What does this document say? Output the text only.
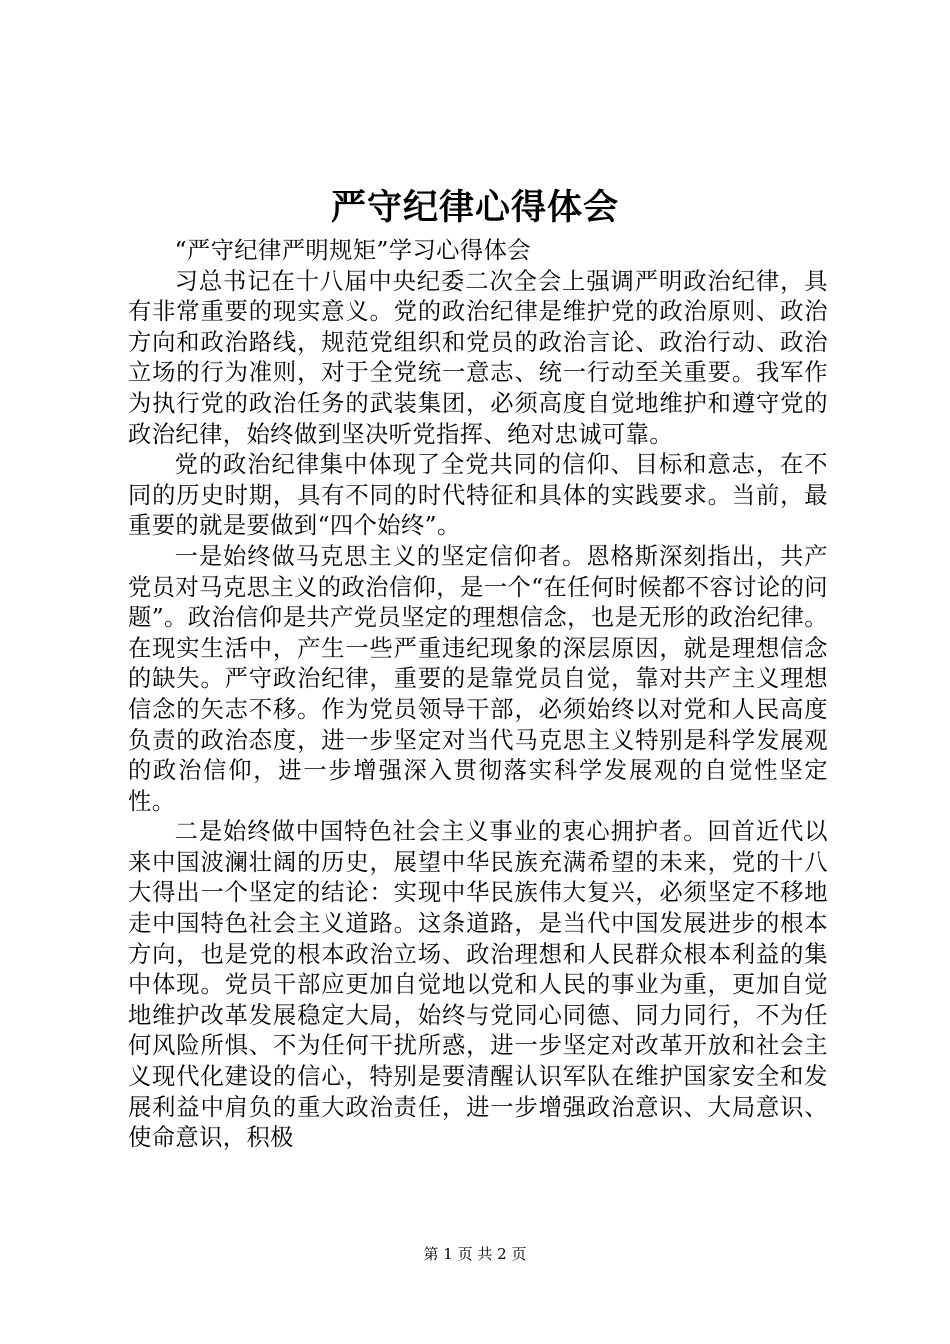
严守纪律心得体会

“严守纪律严明规矩”学习心得体会

习总书记在十八届中央纪委二次全会上强调严明政治纪律，具有非常重要的现实意义。党的政治纪律是维护党的政治原则、政治方向和政治路线，规范党组织和党员的政治言论、政治行动、政治立场的行为准则，对于全党统一意志、统一行动至关重要。我军作为执行党的政治任务的武装集团，必须高度自觉地维护和遵守党的政治纪律，始终做到坚决听党指挥、绝对忠诚可靠。

党的政治纪律集中体现了全党共同的信仰、目标和意志，在不同的历史时期，具有不同的时代特征和具体的实践要求。当前，最重要的就是要做到“四个始终”。

一是始终做马克思主义的坚定信仰者。恩格斯深刻指出，共产党员对马克思主义的政治信仰，是一个“在任何时候都不容讨论的问题”。政治信仰是共产党员坚定的理想信念，也是无形的政治纪律。在现实生活中，产生一些严重违纪现象的深层原因，就是理想信念的缺失。严守政治纪律，重要的是靠党员自觉，靠对共产主义理想信念的矢志不移。作为党员领导干部，必须始终以对党和人民高度负责的政治态度，进一步坚定对当代马克思主义特别是科学发展观的政治信仰，进一步增强深入贯彻落实科学发展观的自觉性坚定性。

二是始终做中国特色社会主义事业的衷心拥护者。回首近代以来中国波澜壮阔的历史，展望中华民族充满希望的未来，党的十八大得出一个坚定的结论：实现中华民族伟大复兴，必须坚定不移地走中国特色社会主义道路。这条道路，是当代中国发展进步的根本方向，也是党的根本政治立场、政治理想和人民群众根本利益的集中体现。党员干部应更加自觉地以党和人民的事业为重，更加自觉地维护改革发展稳定大局，始终与党同心同德、同力同行，不为任何风险所惧、不为任何干扰所惑，进一步坚定对改革开放和社会主义现代化建设的信心，特别是要清醒认识军队在维护国家安全和发展利益中肩负的重大政治责任，进一步增强政治意识、大局意识、使命意识，积极

第 1 页 共 2 页
